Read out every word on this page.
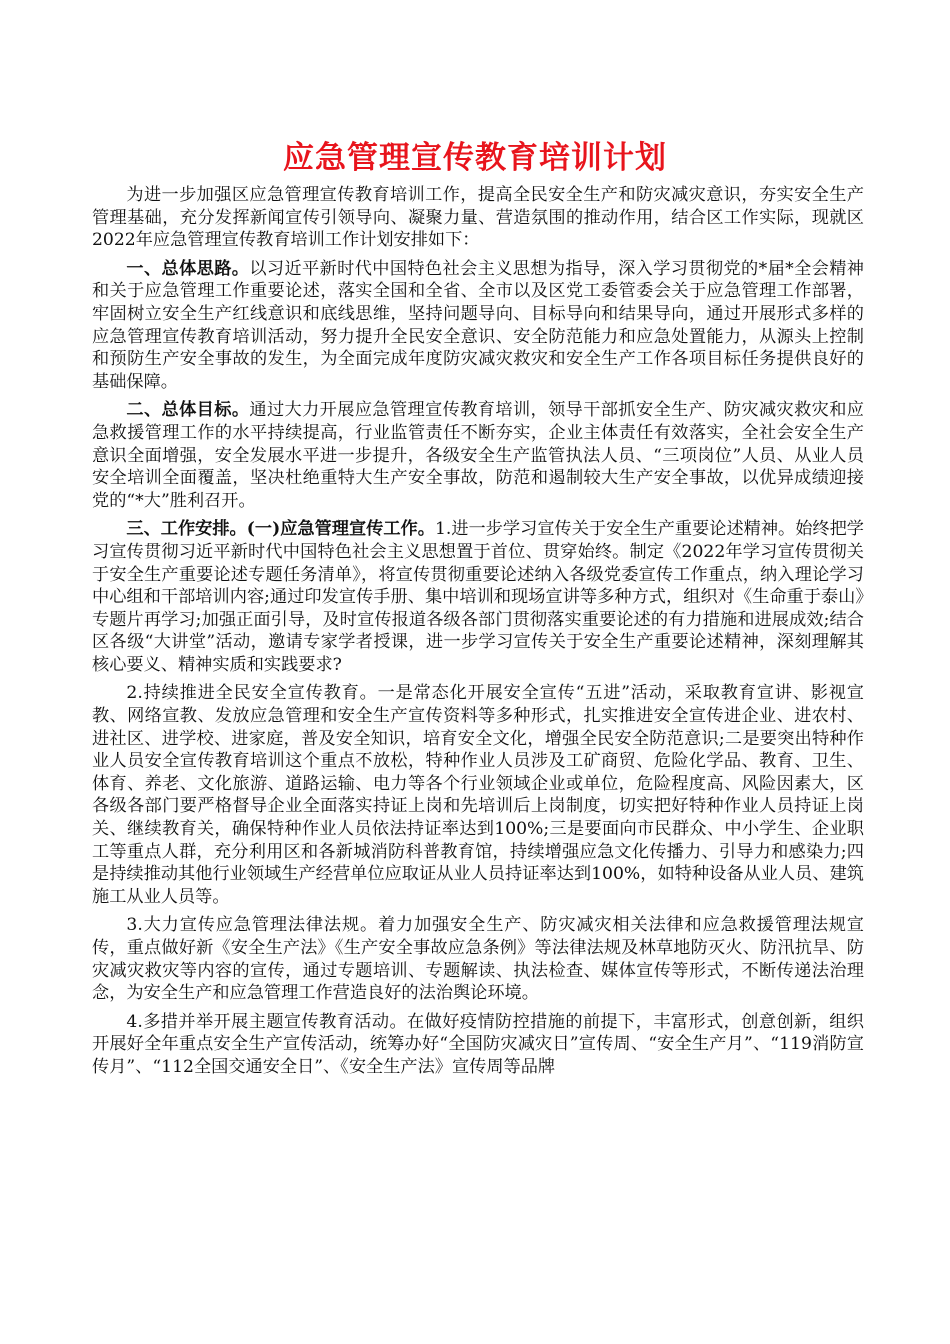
应急管理宣传教育培训计划

为进一步加强区应急管理宣传教育培训工作，提高全民安全生产和防灾减灾意识，夯实安全生产管理基础，充分发挥新闻宣传引领导向、凝聚力量、营造氛围的推动作用，结合区工作实际，现就区2022年应急管理宣传教育培训工作计划安排如下：

一、总体思路。以习近平新时代中国特色社会主义思想为指导，深入学习贯彻党的*届*全会精神和关于应急管理工作重要论述，落实全国和全省、全市以及区党工委管委会关于应急管理工作部署，牢固树立安全生产红线意识和底线思维，坚持问题导向、目标导向和结果导向，通过开展形式多样的应急管理宣传教育培训活动，努力提升全民安全意识、安全防范能力和应急处置能力，从源头上控制和预防生产安全事故的发生，为全面完成年度防灾减灾救灾和安全生产工作各项目标任务提供良好的基础保障。

二、总体目标。通过大力开展应急管理宣传教育培训，领导干部抓安全生产、防灾减灾救灾和应急救援管理工作的水平持续提高，行业监管责任不断夯实，企业主体责任有效落实，全社会安全生产意识全面增强，安全发展水平进一步提升，各级安全生产监管执法人员、“三项岗位”人员、从业人员安全培训全面覆盖，坚决杜绝重特大生产安全事故，防范和遏制较大生产安全事故，以优异成绩迎接党的“*大”胜利召开。

三、工作安排。(一)应急管理宣传工作。1.进一步学习宣传关于安全生产重要论述精神。始终把学习宣传贯彻习近平新时代中国特色社会主义思想置于首位、贯穿始终。制定《2022年学习宣传贯彻关于安全生产重要论述专题任务清单》，将宣传贯彻重要论述纳入各级党委宣传工作重点，纳入理论学习中心组和干部培训内容;通过印发宣传手册、集中培训和现场宣讲等多种方式，组织对《生命重于泰山》专题片再学习;加强正面引导，及时宣传报道各级各部门贯彻落实重要论述的有力措施和进展成效;结合区各级“大讲堂”活动，邀请专家学者授课，进一步学习宣传关于安全生产重要论述精神，深刻理解其核心要义、精神实质和实践要求?

2.持续推进全民安全宣传教育。一是常态化开展安全宣传“五进”活动，采取教育宣讲、影视宣教、网络宣教、发放应急管理和安全生产宣传资料等多种形式，扎实推进安全宣传进企业、进农村、进社区、进学校、进家庭，普及安全知识，培育安全文化，增强全民安全防范意识;二是要突出特种作业人员安全宣传教育培训这个重点不放松，特种作业人员涉及工矿商贸、危险化学品、教育、卫生、体育、养老、文化旅游、道路运输、电力等各个行业领域企业或单位，危险程度高、风险因素大，区各级各部门要严格督导企业全面落实持证上岗和先培训后上岗制度，切实把好特种作业人员持证上岗关、继续教育关，确保特种作业人员依法持证率达到100%;三是要面向市民群众、中小学生、企业职工等重点人群，充分利用区和各新城消防科普教育馆，持续增强应急文化传播力、引导力和感染力;四是持续推动其他行业领域生产经营单位应取证从业人员持证率达到100%，如特种设备从业人员、建筑施工从业人员等。

3.大力宣传应急管理法律法规。着力加强安全生产、防灾减灾相关法律和应急救援管理法规宣传，重点做好新《安全生产法》《生产安全事故应急条例》等法律法规及林草地防灭火、防汛抗旱、防灾减灾救灾等内容的宣传，通过专题培训、专题解读、执法检查、媒体宣传等形式，不断传递法治理念，为安全生产和应急管理工作营造良好的法治舆论环境。

4.多措并举开展主题宣传教育活动。在做好疫情防控措施的前提下，丰富形式，创意创新，组织开展好全年重点安全生产宣传活动，统筹办好“全国防灾减灾日”宣传周、“安全生产月”、“119消防宣传月”、“112全国交通安全日”、《安全生产法》宣传周等品牌
